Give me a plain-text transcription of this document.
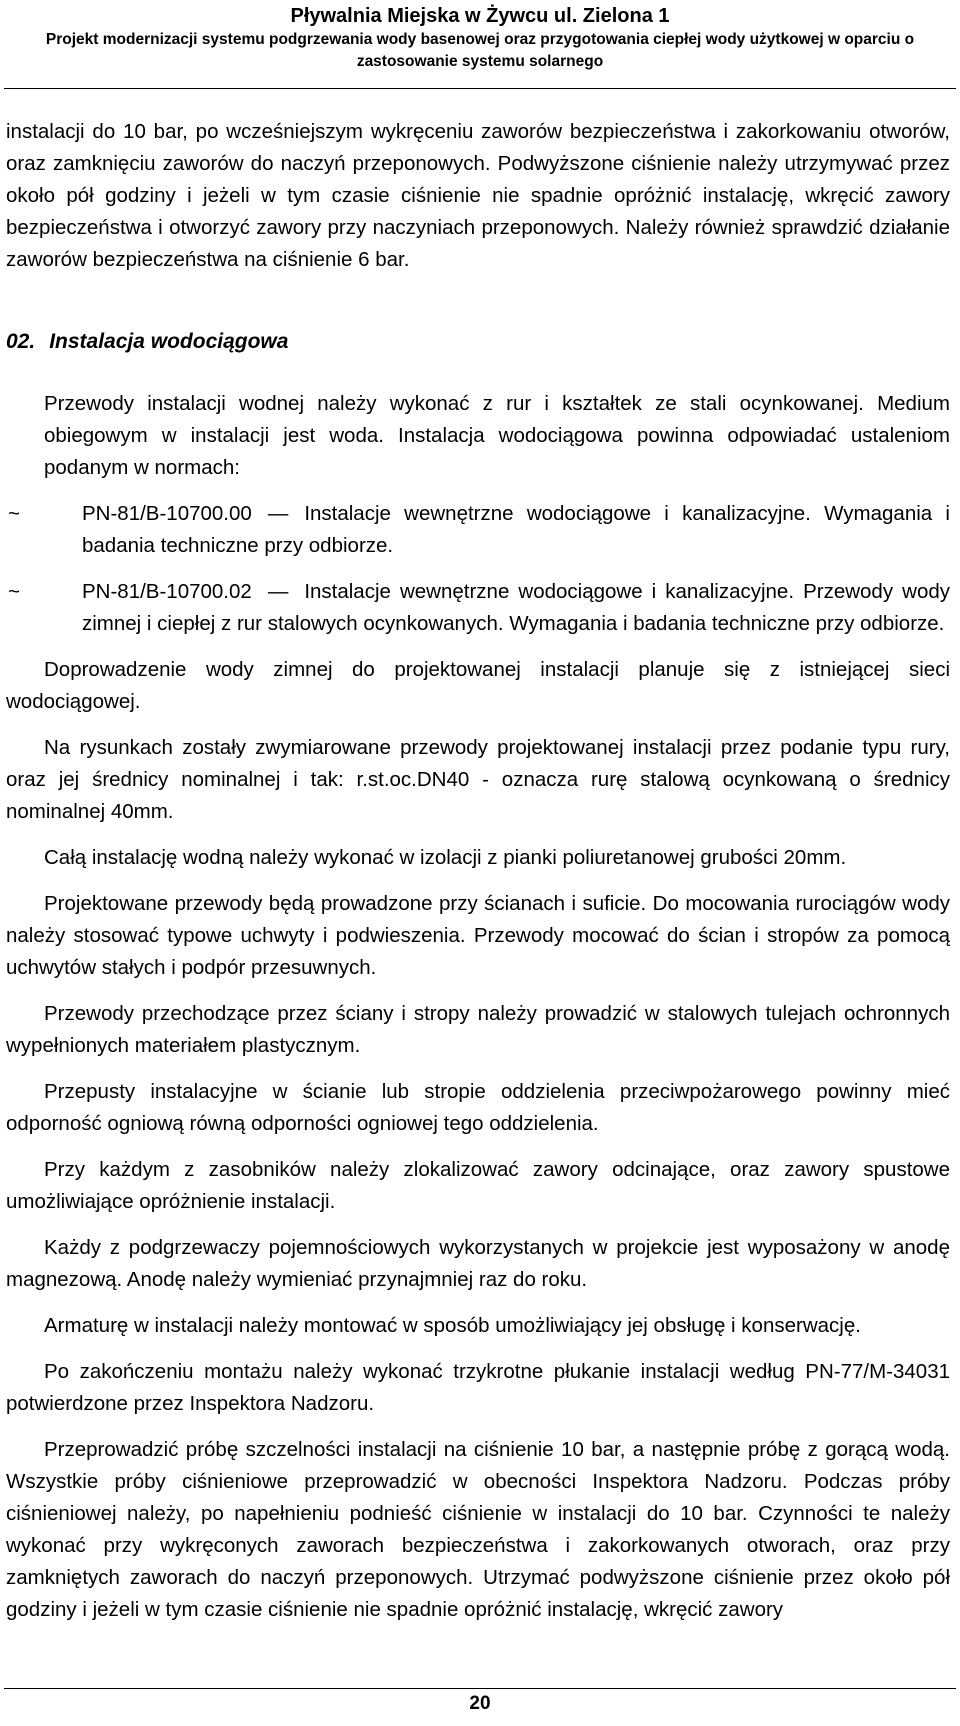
Pływalnia Miejska w Żywcu ul. Zielona 1
Projekt modernizacji systemu podgrzewania wody basenowej oraz przygotowania ciepłej wody użytkowej w oparciu o zastosowanie systemu solarnego

instalacji do 10 bar, po wcześniejszym wykręceniu zaworów bezpieczeństwa i zakorkowaniu otworów, oraz zamknięciu zaworów do naczyń przeponowych. Podwyższone ciśnienie należy utrzymywać przez około pół godziny i jeżeli w tym czasie ciśnienie nie spadnie opróżnić instalację, wkręcić zawory bezpieczeństwa i otworzyć zawory przy naczyniach przeponowych. Należy również sprawdzić działanie zaworów bezpieczeństwa na ciśnienie 6 bar.

02. Instalacja wodociągowa

Przewody instalacji wodnej należy wykonać z rur i kształtek ze stali ocynkowanej. Medium obiegowym w instalacji jest woda. Instalacja wodociągowa powinna odpowiadać ustaleniom podanym w normach:

~	PN-81/B-10700.00 — Instalacje wewnętrzne wodociągowe i kanalizacyjne. Wymagania i badania techniczne przy odbiorze.
~	PN-81/B-10700.02 — Instalacje wewnętrzne wodociągowe i kanalizacyjne. Przewody wody zimnej i ciepłej z rur stalowych ocynkowanych. Wymagania i badania techniczne przy odbiorze.

Doprowadzenie wody zimnej do projektowanej instalacji planuje się z istniejącej sieci wodociągowej.

Na rysunkach zostały zwymiarowane przewody projektowanej instalacji przez podanie typu rury, oraz jej średnicy nominalnej i tak: r.st.oc.DN40 - oznacza rurę stalową ocynkowaną o średnicy nominalnej 40mm.

Całą instalację wodną należy wykonać w izolacji z pianki poliuretanowej grubości 20mm.

Projektowane przewody będą prowadzone przy ścianach i suficie. Do mocowania rurociągów wody należy stosować typowe uchwyty i podwieszenia. Przewody mocować do ścian i stropów za pomocą uchwytów stałych i podpór przesuwnych.

Przewody przechodzące przez ściany i stropy należy prowadzić w stalowych tulejach ochronnych wypełnionych materiałem plastycznym.

Przepusty instalacyjne w ścianie lub stropie oddzielenia przeciwpożarowego powinny mieć odporność ogniową równą odporności ogniowej tego oddzielenia.

Przy każdym z zasobników należy zlokalizować zawory odcinające, oraz zawory spustowe umożliwiające opróżnienie instalacji.

Każdy z podgrzewaczy pojemnościowych wykorzystanych w projekcie jest wyposażony w anodę magnezową. Anodę należy wymieniać przynajmniej raz do roku.

Armaturę w instalacji należy montować w sposób umożliwiający jej obsługę i konserwację.

Po zakończeniu montażu należy wykonać trzykrotne płukanie instalacji według PN-77/M-34031 potwierdzone przez Inspektora Nadzoru.

Przeprowadzić próbę szczelności instalacji na ciśnienie 10 bar, a następnie próbę z gorącą wodą. Wszystkie próby ciśnieniowe przeprowadzić w obecności Inspektora Nadzoru. Podczas próby ciśnieniowej należy, po napełnieniu podnieść ciśnienie w instalacji do 10 bar. Czynności te należy wykonać przy wykręconych zaworach bezpieczeństwa i zakorkowanych otworach, oraz przy zamkniętych zaworach do naczyń przeponowych. Utrzymać podwyższone ciśnienie przez około pół godziny i jeżeli w tym czasie ciśnienie nie spadnie opróżnić instalację, wkręcić zawory

20
